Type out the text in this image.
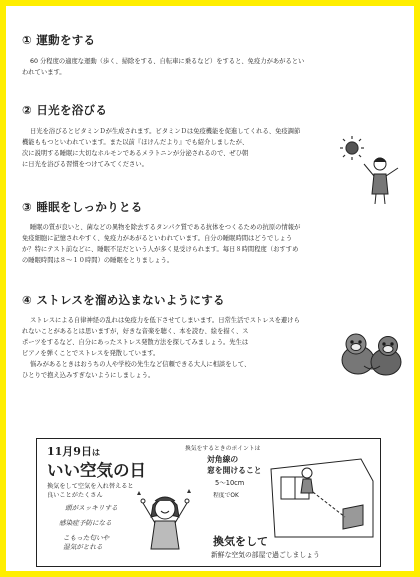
① 運動をする
60 分程度の適度な運動（歩く、掃除をする、自転車に乗るなど）をすると、免疫力があがるとい
われています。
② 日光を浴びる
日光を浴びるとビタミンＤが生成されます。ビタミンＤは免疫機能を促進してくれる、免疫調節
機能ももつといわれています。また以前『ほけんだより』でも紹介しましたが、
次に説明する睡眠に大切なホルモンであるメラトニンが分泌されるので、ぜひ朝
に日光を浴びる習慣をつけてみてください。
③ 睡眠をしっかりとる
睡眠の質が良いと、菌などの異物を除去するタンパク質である抗体をつくるための抗原の情報が
免疫細胞に記憶されやすく、免疫力があがるといわれています。自分の睡眠時間はどうでしょう
か？特にテスト前などに、睡眠不足だという人が多く見受けられます。毎日８時間程度（おすすめ
の睡眠時間は８～１０時間）の睡眠をとりましょう。
④ ストレスを溜め込まないようにする
ストレスによる自律神経の乱れは免疫力を低下させてしまいます。日常生活でストレスを避けら
れないことがあるとは思いますが，好きな音楽を聴く、本を読む、絵を描く、ス
ポーツをするなど、自分にあったストレス発散方法を探してみましょう。先生は
ピアノを弾くことでストレスを発散しています。
悩みがあるときはおうちの人や学校の先生など信頼できる大人に相談をして、
ひとりで抱え込みすぎないようにしましょう。
11月9日は
いい空気の日
換気をして空気を入れ替えると
良いことがたくさん
頭がスッキリする
感染症予防になる
こもった匂いや
湿気がとれる
換気をするときのポイントは
対角線の
窓を開けること
5～10cm
程度でOK
換気をして
新鮮な空気の部屋で過ごしましょう
